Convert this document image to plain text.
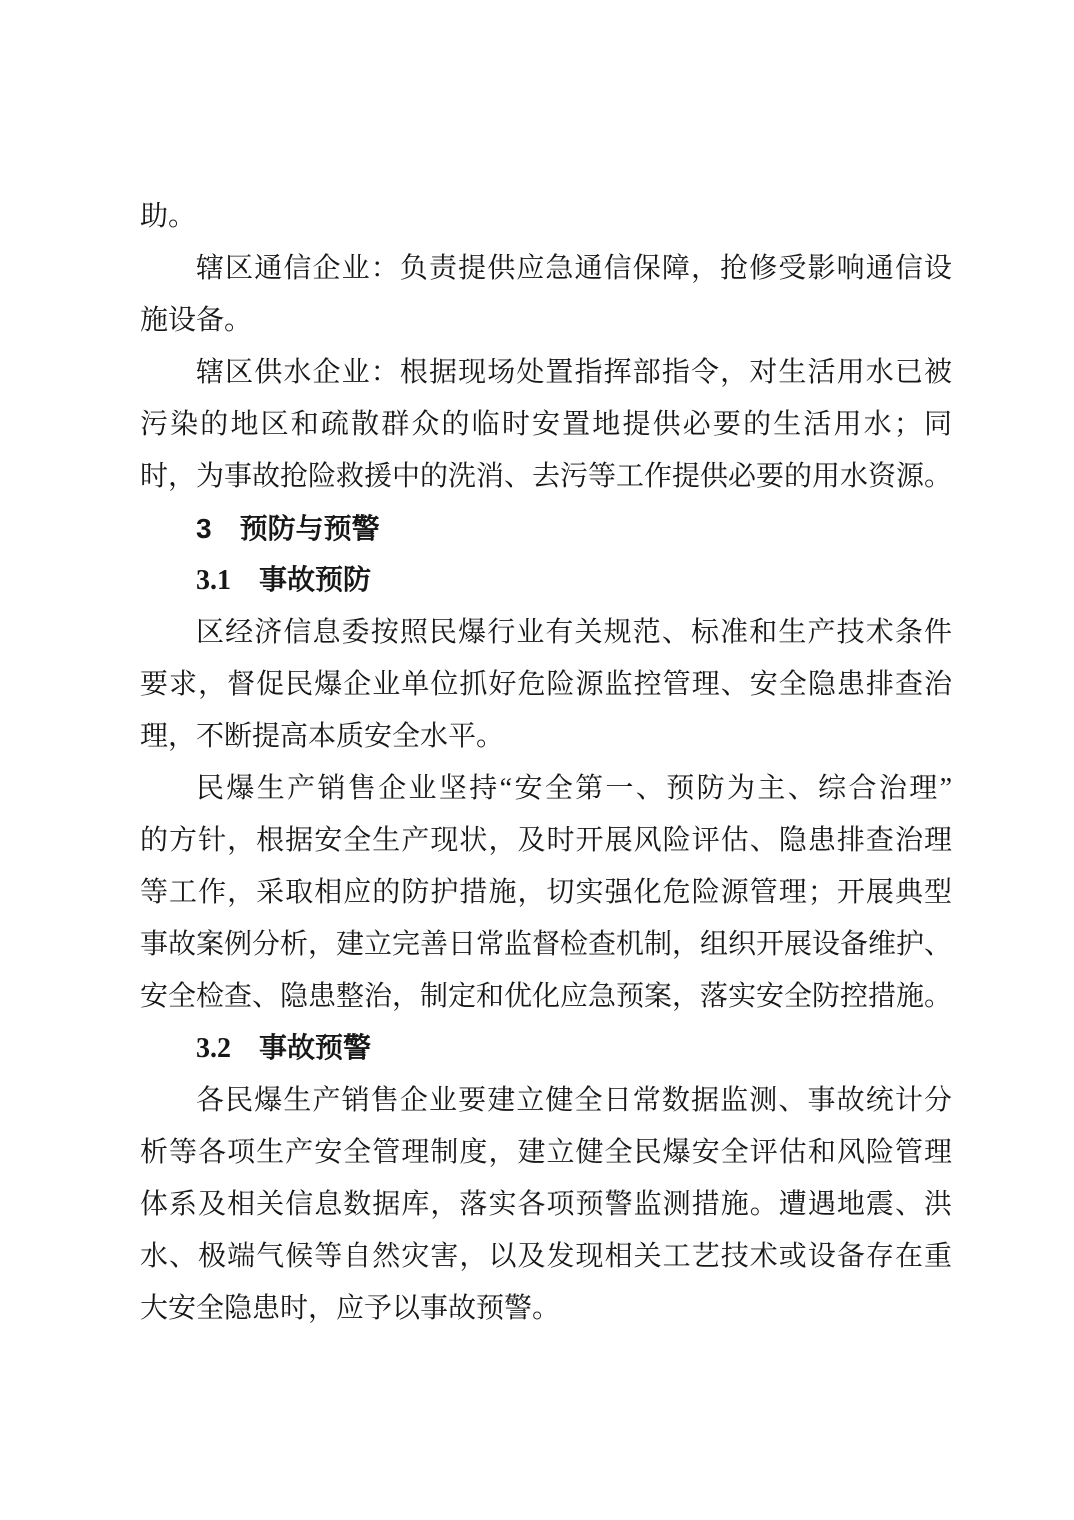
助。
辖区通信企业：负责提供应急通信保障，抢修受影响通信设
施设备。
辖区供水企业：根据现场处置指挥部指令，对生活用水已被
污染的地区和疏散群众的临时安置地提供必要的生活用水；同
时，为事故抢险救援中的洗消、去污等工作提供必要的用水资源。
3 预防与预警
3.1 事故预防
区经济信息委按照民爆行业有关规范、标准和生产技术条件
要求，督促民爆企业单位抓好危险源监控管理、安全隐患排查治
理，不断提高本质安全水平。
民爆生产销售企业坚持“安全第一、预防为主、综合治理”
的方针，根据安全生产现状，及时开展风险评估、隐患排查治理
等工作，采取相应的防护措施，切实强化危险源管理；开展典型
事故案例分析，建立完善日常监督检查机制，组织开展设备维护、
安全检查、隐患整治，制定和优化应急预案，落实安全防控措施。
3.2 事故预警
各民爆生产销售企业要建立健全日常数据监测、事故统计分
析等各项生产安全管理制度，建立健全民爆安全评估和风险管理
体系及相关信息数据库，落实各项预警监测措施。遭遇地震、洪
水、极端气候等自然灾害，以及发现相关工艺技术或设备存在重
大安全隐患时，应予以事故预警。
